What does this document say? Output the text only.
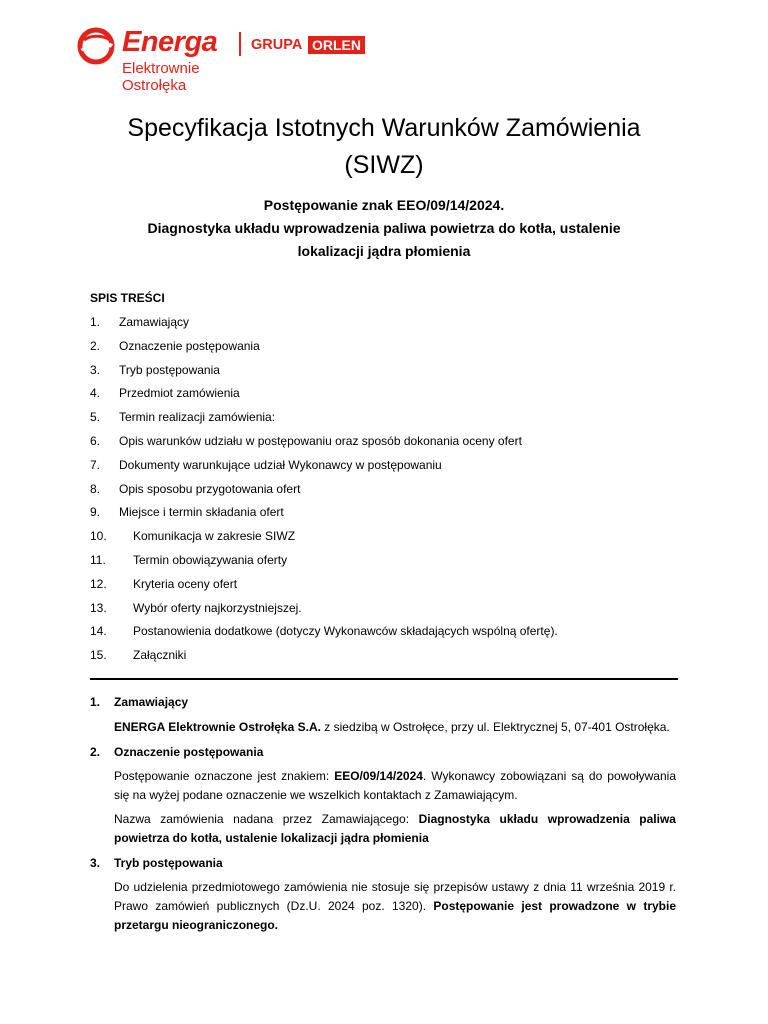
Energa
Elektrownie
Ostrołęka
GRUPA ORLEN
Specyfikacja Istotnych Warunków Zamówienia
(SIWZ)
Postępowanie znak EEO/09/14/2024.
Diagnostyka układu wprowadzenia paliwa powietrza do kotła, ustalenie
lokalizacji jądra płomienia
SPIS TREŚCI
1. Zamawiający
2. Oznaczenie postępowania
3. Tryb postępowania
4. Przedmiot zamówienia
5. Termin realizacji zamówienia:
6. Opis warunków udziału w postępowaniu oraz sposób dokonania oceny ofert
7. Dokumenty warunkujące udział Wykonawcy w postępowaniu
8. Opis sposobu przygotowania ofert
9. Miejsce i termin składania ofert
10. Komunikacja w zakresie SIWZ
11. Termin obowiązywania oferty
12. Kryteria oceny ofert
13. Wybór oferty najkorzystniejszej.
14. Postanowienia dodatkowe (dotyczy Wykonawców składających wspólną ofertę).
15. Załączniki
1. Zamawiający
ENERGA Elektrownie Ostrołęka S.A. z siedzibą w Ostrołęce, przy ul. Elektrycznej 5, 07-401 Ostrołęka.
2. Oznaczenie postępowania
Postępowanie oznaczone jest znakiem: EEO/09/14/2024. Wykonawcy zobowiązani są do powoływania się na wyżej podane oznaczenie we wszelkich kontaktach z Zamawiającym.
Nazwa zamówienia nadana przez Zamawiającego: Diagnostyka układu wprowadzenia paliwa powietrza do kotła, ustalenie lokalizacji jądra płomienia
3. Tryb postępowania
Do udzielenia przedmiotowego zamówienia nie stosuje się przepisów ustawy z dnia 11 września 2019 r. Prawo zamówień publicznych (Dz.U. 2024 poz. 1320). Postępowanie jest prowadzone w trybie przetargu nieograniczonego.
